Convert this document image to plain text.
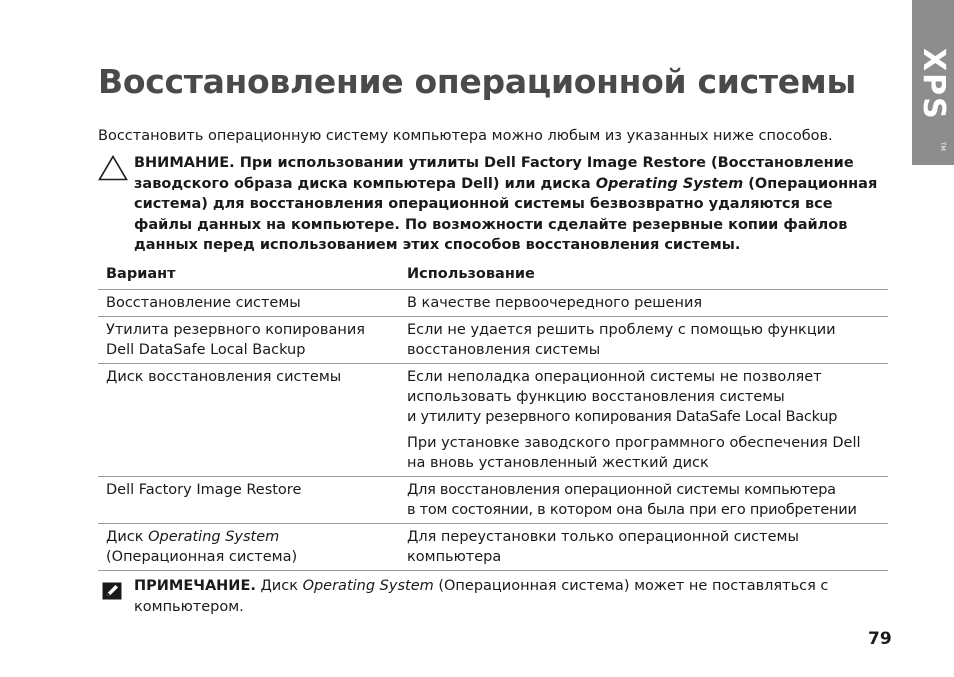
XPS
TM
Восстановление операционной системы

Восстановить операционную систему компьютера можно любым из указанных ниже способов.

ВНИМАНИЕ. При использовании утилиты Dell Factory Image Restore (Восстановление заводского образа диска компьютера Dell) или диска Operating System (Операционная система) для восстановления операционной системы безвозвратно удаляются все файлы данных на компьютере. По возможности сделайте резервные копии файлов данных перед использованием этих способов восстановления системы.

Вариант	Использование
Восстановление системы	В качестве первоочередного решения
Утилита резервного копирования Dell DataSafe Local Backup	Если не удается решить проблему с помощью функции восстановления системы
Диск восстановления системы	Если неполадка операционной системы не позволяет использовать функцию восстановления системы
и утилиту резервного копирования DataSafe Local Backup
При установке заводского программного обеспечения Dell на вновь установленный жесткий диск

Dell Factory Image Restore	Для восстановления операционной системы компьютера
в том состоянии, в котором она была при его приобретении

Диск Operating System
(Операционная система)	Для переустановки только операционной системы компьютера

ПРИМЕЧАНИЕ. Диск Operating System (Операционная система) может не поставляться с компьютером.

79
